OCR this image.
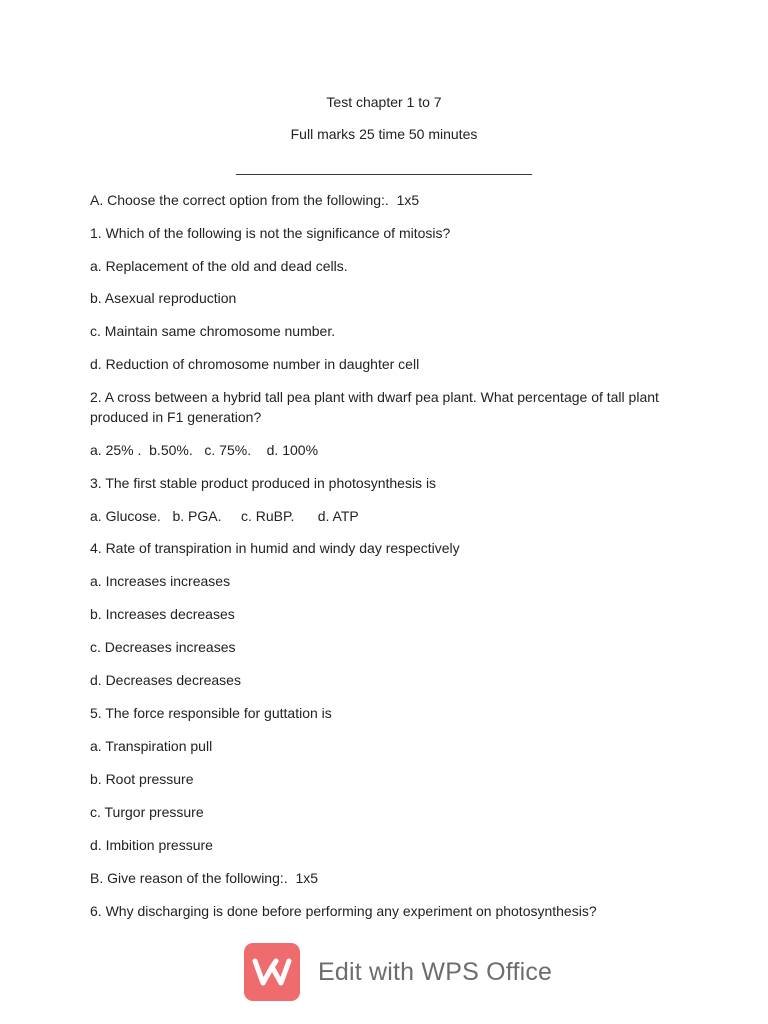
Test chapter 1 to 7
Full marks 25 time 50 minutes
______________________________________
A. Choose the correct option from the following:.  1x5
1. Which of the following is not the significance of mitosis?
a. Replacement of the old and dead cells.
b. Asexual reproduction
c. Maintain same chromosome number.
d. Reduction of chromosome number in daughter cell
2. A cross between a hybrid tall pea plant with dwarf pea plant. What percentage of tall plant produced in F1 generation?
a. 25% .  b.50%.   c. 75%.    d. 100%
3. The first stable product produced in photosynthesis is
a. Glucose.   b. PGA.     c. RuBP.      d. ATP
4. Rate of transpiration in humid and windy day respectively
a. Increases increases
b. Increases decreases
c. Decreases increases
d. Decreases decreases
5. The force responsible for guttation is
a. Transpiration pull
b. Root pressure
c. Turgor pressure
d. Imbition pressure
B. Give reason of the following:.  1x5
6. Why discharging is done before performing any experiment on photosynthesis?
Edit with WPS Office
